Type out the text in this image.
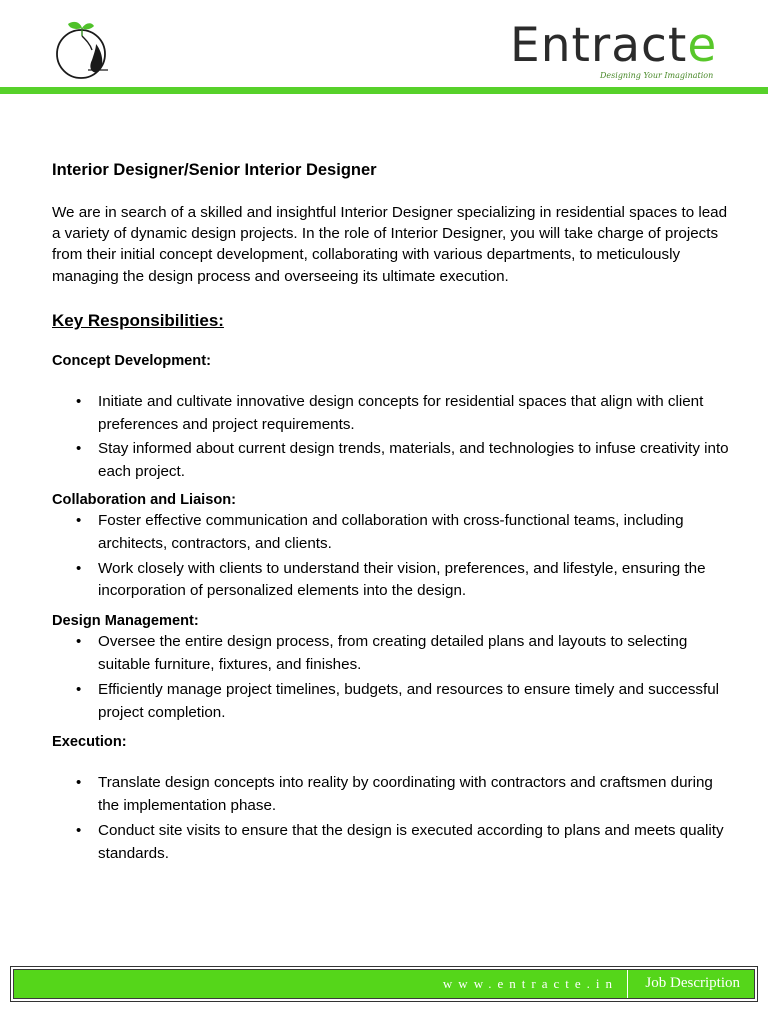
Entracte
Designing Your Imagination
Interior Designer/Senior Interior Designer

We are in search of a skilled and insightful Interior Designer specializing in residential spaces to lead a variety of dynamic design projects. In the role of Interior Designer, you will take charge of projects from their initial concept development, collaborating with various departments, to meticulously managing the design process and overseeing its ultimate execution.

Key Responsibilities:
Concept Development:
• Initiate and cultivate innovative design concepts for residential spaces that align with client preferences and project requirements.
• Stay informed about current design trends, materials, and technologies to infuse creativity into each project.
Collaboration and Liaison:
• Foster effective communication and collaboration with cross-functional teams, including architects, contractors, and clients.
• Work closely with clients to understand their vision, preferences, and lifestyle, ensuring the incorporation of personalized elements into the design.
Design Management:
• Oversee the entire design process, from creating detailed plans and layouts to selecting suitable furniture, fixtures, and finishes.
• Efficiently manage project timelines, budgets, and resources to ensure timely and successful project completion.
Execution:
• Translate design concepts into reality by coordinating with contractors and craftsmen during the implementation phase.
• Conduct site visits to ensure that the design is executed according to plans and meets quality standards.
www.entracte.in Job Description
